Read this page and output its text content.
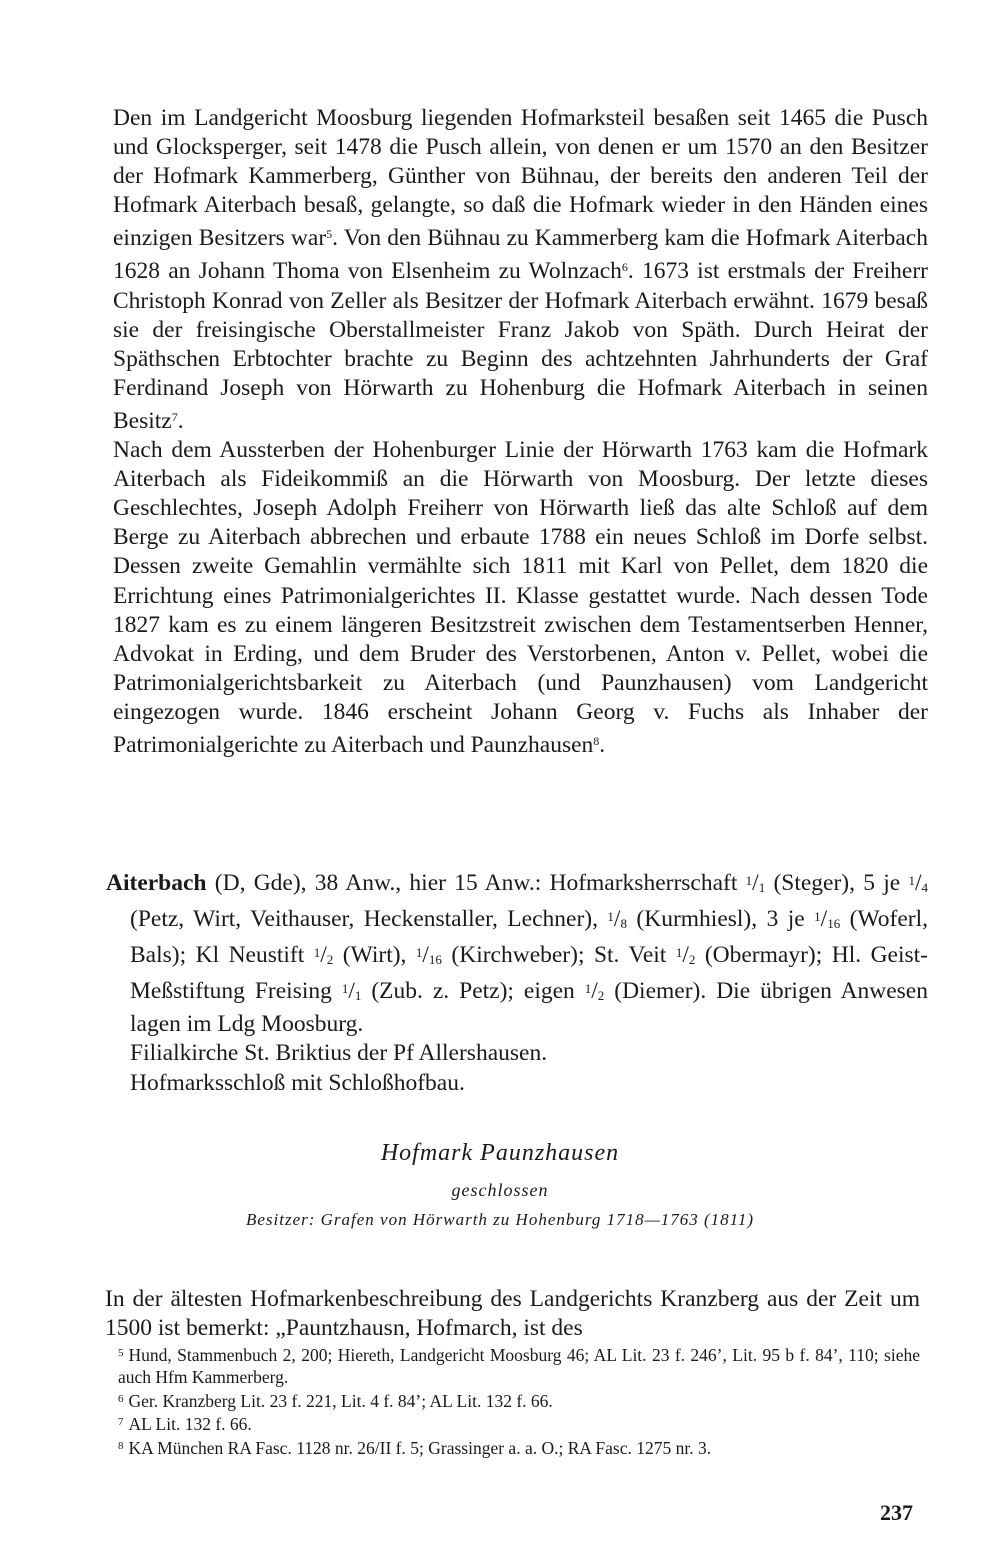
Den im Landgericht Moosburg liegenden Hofmarksteil besaßen seit 1465 die Pusch und Glocksperger, seit 1478 die Pusch allein, von denen er um 1570 an den Besitzer der Hofmark Kammerberg, Günther von Bühnau, der bereits den anderen Teil der Hofmark Aiterbach besaß, gelangte, so daß die Hofmark wieder in den Händen eines einzigen Besitzers war$^5$. Von den Bühnau zu Kammerberg kam die Hofmark Aiterbach 1628 an Johann Thoma von Elsenheim zu Wolnzach$^6$. 1673 ist erstmals der Freiherr Christoph Konrad von Zeller als Besitzer der Hofmark Aiterbach erwähnt. 1679 besaß sie der freisingische Oberstallmeister Franz Jakob von Späth. Durch Heirat der Späthschen Erbtochter brachte zu Beginn des achtzehnten Jahrhunderts der Graf Ferdinand Joseph von Hörwarth zu Hohenburg die Hofmark Aiterbach in seinen Besitz$^7$.

Nach dem Aussterben der Hohenburger Linie der Hörwarth 1763 kam die Hofmark Aiterbach als Fideikommiß an die Hörwarth von Moosburg. Der letzte dieses Geschlechtes, Joseph Adolph Freiherr von Hörwarth ließ das alte Schloß auf dem Berge zu Aiterbach abbrechen und erbaute 1788 ein neues Schloß im Dorfe selbst. Dessen zweite Gemahlin vermählte sich 1811 mit Karl von Pellet, dem 1820 die Errichtung eines Patrimonialgerichtes II. Klasse gestattet wurde. Nach dessen Tode 1827 kam es zu einem längeren Besitzstreit zwischen dem Testamentserben Henner, Advokat in Erding, und dem Bruder des Verstorbenen, Anton v. Pellet, wobei die Patrimonialgerichtsbarkeit zu Aiterbach (und Paunzhausen) vom Landgericht eingezogen wurde. 1846 erscheint Johann Georg v. Fuchs als Inhaber der Patrimonialgerichte zu Aiterbach und Paunzhausen$^8$.

Aiterbach (D, Gde), 38 Anw., hier 15 Anw.: Hofmarksherrschaft $^1$/1 (Steger), 5 je $^1$/4 (Petz, Wirt, Veithauser, Heckenstaller, Lechner), $^1$/8 (Kurmhiesl), 3 je $^1$/16 (Woferl, Bals); Kl Neustift $^1$/2 (Wirt), $^1$/16 (Kirchweber); St. Veit $^1$/2 (Obermayr); Hl. Geist-Meßstiftung Freising $^1$/1 (Zub. z. Petz); eigen $^1$/2 (Diemer). Die übrigen Anwesen lagen im Ldg Moosburg.

Filialkirche St. Briktius der Pf Allershausen.

Hofmarksschloß mit Schloßhofbau.

Hofmark Paunzhausen
geschlossen
Besitzer: Grafen von Hörwarth zu Hohenburg 1718—1763 (1811)

In der ältesten Hofmarkenbeschreibung des Landgerichts Kranzberg aus der Zeit um 1500 ist bemerkt: „Pauntzhausn, Hofmarch, ist des

$^5$ Hund, Stammenbuch 2, 200; Hiereth, Landgericht Moosburg 46; AL Lit. 23 f. 246’, Lit. 95 b f. 84’, 110; siehe auch Hfm Kammerberg.

$^6$ Ger. Kranzberg Lit. 23 f. 221, Lit. 4 f. 84’; AL Lit. 132 f. 66.

$^7$ AL Lit. 132 f. 66.

$^8$ KA München RA Fasc. 1128 nr. 26/II f. 5; Grassinger a. a. O.; RA Fasc. 1275 nr. 3.

237
